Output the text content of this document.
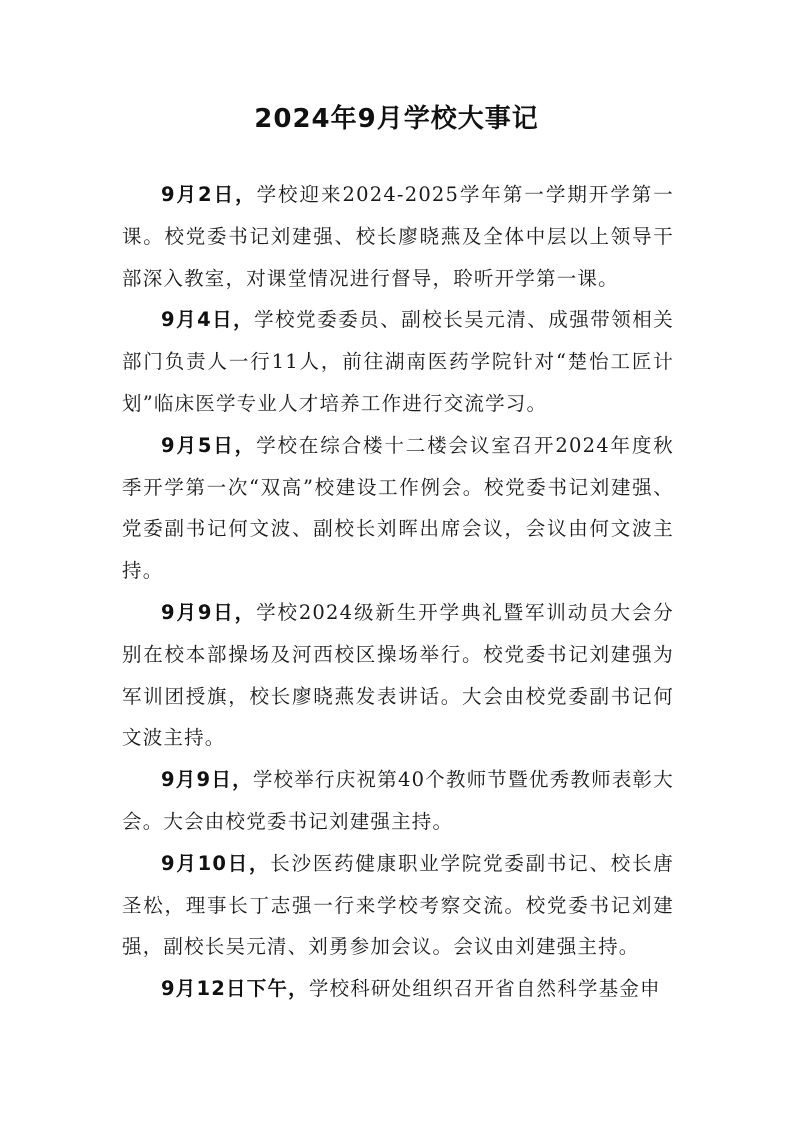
2024年9月学校大事记

9月2日，学校迎来2024-2025学年第一学期开学第一课。校党委书记刘建强、校长廖晓燕及全体中层以上领导干部深入教室，对课堂情况进行督导，聆听开学第一课。

9月4日，学校党委委员、副校长吴元清、成强带领相关部门负责人一行11人，前往湖南医药学院针对“楚怡工匠计划”临床医学专业人才培养工作进行交流学习。

9月5日，学校在综合楼十二楼会议室召开2024年度秋季开学第一次“双高”校建设工作例会。校党委书记刘建强、党委副书记何文波、副校长刘晖出席会议，会议由何文波主持。

9月9日，学校2024级新生开学典礼暨军训动员大会分别在校本部操场及河西校区操场举行。校党委书记刘建强为军训团授旗，校长廖晓燕发表讲话。大会由校党委副书记何文波主持。

9月9日，学校举行庆祝第40个教师节暨优秀教师表彰大会。大会由校党委书记刘建强主持。

9月10日，长沙医药健康职业学院党委副书记、校长唐圣松，理事长丁志强一行来学校考察交流。校党委书记刘建强，副校长吴元清、刘勇参加会议。会议由刘建强主持。

9月12日下午，学校科研处组织召开省自然科学基金申
